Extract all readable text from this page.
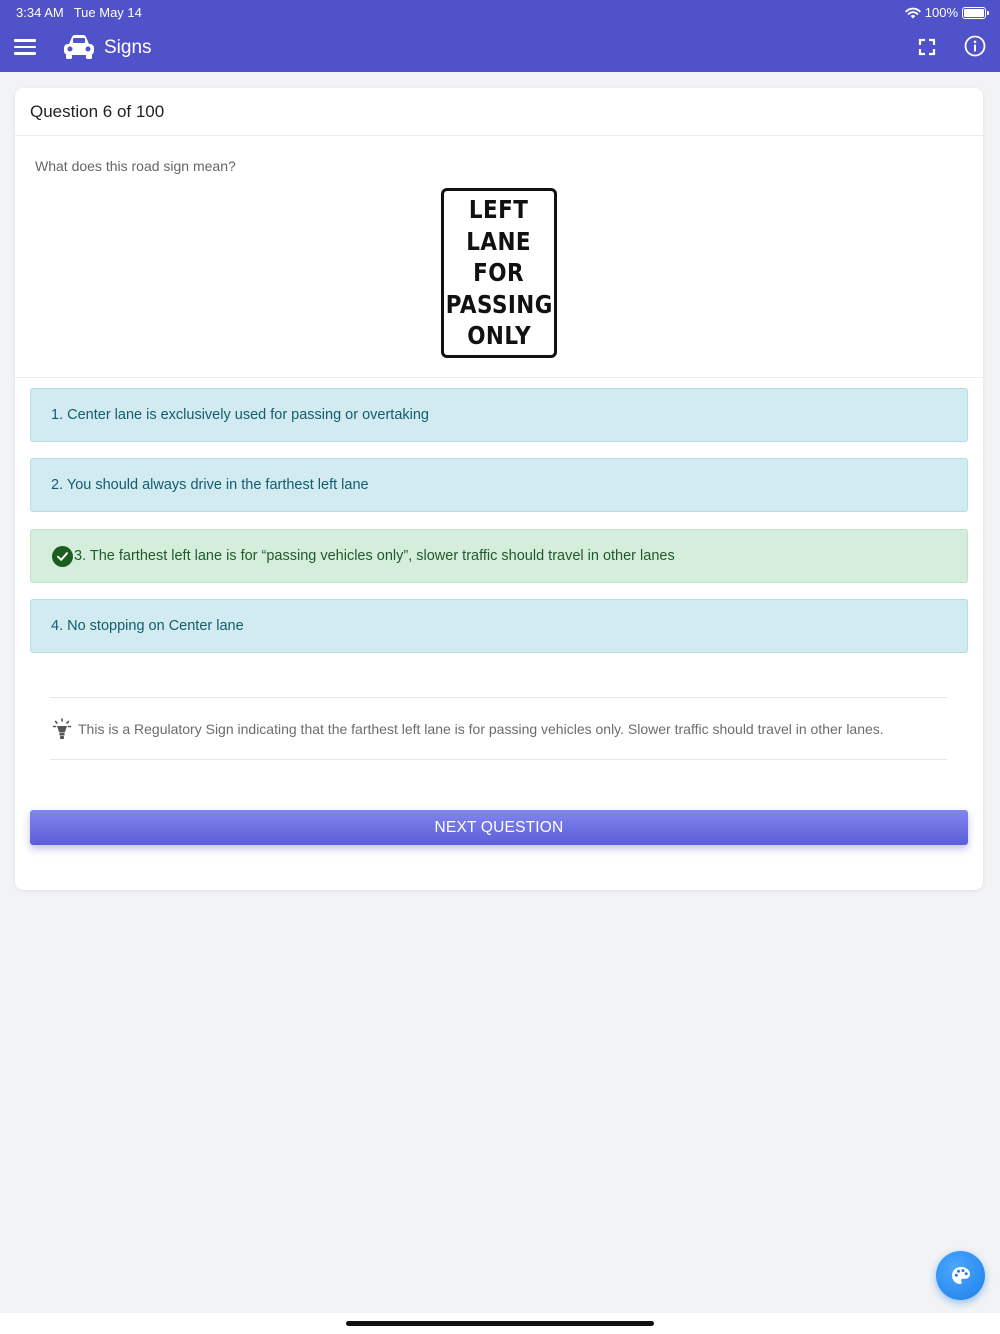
3:34 AM Tue May 14	100%
Signs
Question 6 of 100
What does this road sign mean?
LEFT
LANE
FOR
PASSING
ONLY
1. Center lane is exclusively used for passing or overtaking
2. You should always drive in the farthest left lane
3. The farthest left lane is for “passing vehicles only”, slower traffic should travel in other lanes
4. No stopping on Center lane
This is a Regulatory Sign indicating that the farthest left lane is for passing vehicles only. Slower traffic should travel in other lanes.
NEXT QUESTION
